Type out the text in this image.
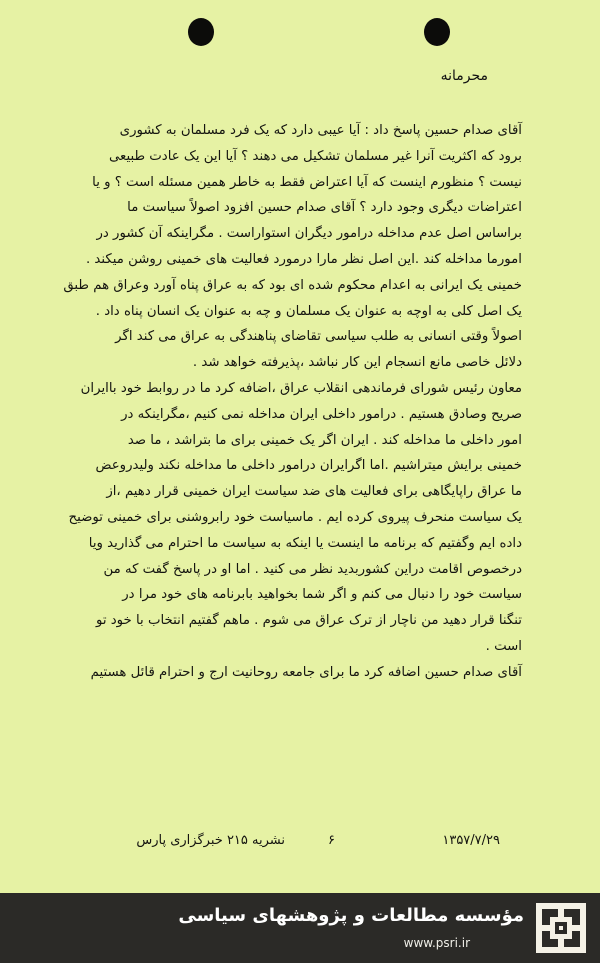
محرمانه

آقای صدام حسین پاسخ داد : آیا عیبی دارد که یک فرد مسلمان به کشوری

برود که اکثریت آنرا غیر مسلمان تشکیل می دهند ؟ آیا این یک عادت طبیعی

نیست ؟ منظورم اینست که آیا اعتراض فقط به خاطر همین مسئله است ؟ و یا

اعتراضات دیگری وجود دارد ؟ آقای صدام حسین افزود اصولاً سیاست ما

براساس اصل عدم مداخله درامور دیگران استواراست . مگراینکه آن کشور در

امورما مداخله کند .این اصل نظر مارا درمورد فعالیت های خمینی روشن میکند .

خمینی یک ایرانی به اعدام محکوم شده ای بود که به عراق پناه آورد وعراق هم طبق

یک اصل کلی به اوچه به عنوان یک مسلمان و چه به عنوان یک انسان پناه داد .

اصولاً وقتی انسانی به طلب سیاسی تقاضای پناهندگی به عراق می کند اگر

دلائل خاصی مانع انسجام این کار نباشد ،پذیرفته خواهد شد .

معاون رئیس شورای فرماندهی انقلاب عراق ،اضافه کرد ما در روابط خود باایران

صریح وصادق هستیم . درامور داخلی ایران مداخله نمی کنیم ،مگراینکه در

امور داخلی ما مداخله کند . ایران اگر یک خمینی برای ما بتراشد ، ما صد

خمینی برایش میتراشیم .اما اگرایران درامور داخلی ما مداخله نکند ولیدروعض

ما عراق راپایگاهی برای فعالیت های ضد سیاست ایران خمینی قرار دهیم ،از

یک سیاست منحرف پیروی کرده ایم . ماسیاست خود رابروشنی برای خمینی توضیح

داده ایم وگفتیم که برنامه ما اینست یا اینکه به سیاست ما احترام می گذارید ویا

درخصوص اقامت دراین کشوربدید نظر می کنید . اما او در پاسخ گفت که من

سیاست خود را دنبال می کنم و اگر شما بخواهید بابرنامه های خود مرا در

تنگنا قرار دهید من ناچار از ترک عراق می شوم . ماهم گفتیم انتخاب با خود تو

است .

آقای صدام حسین اضافه کرد ما برای جامعه روحانیت ارج و احترام قائل هستیم

۱۳۵۷/۷/۲۹
۶
نشریه ۲۱۵ خبرگزاری پارس
مؤسسه مطالعات و پژوهشهای سیاسی
www.psri.ir
